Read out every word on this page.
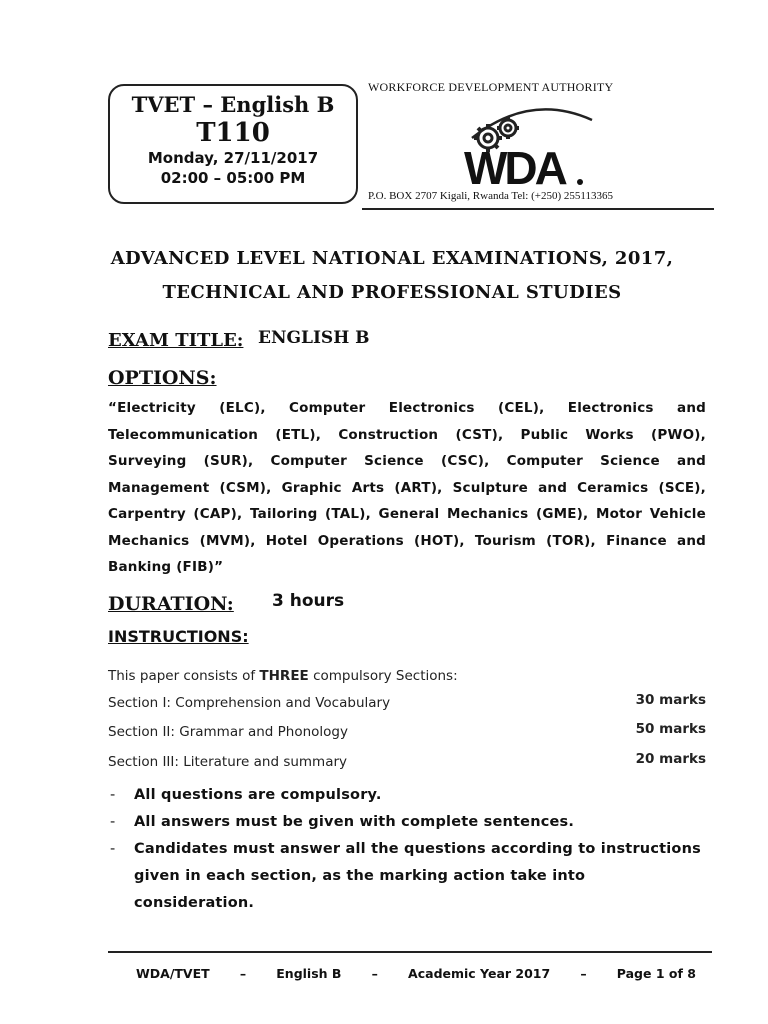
TVET – English B
T110
Monday, 27/11/2017
02:00 – 05:00 PM
WORKFORCE DEVELOPMENT AUTHORITY
WDA
P.O. BOX 2707 Kigali, Rwanda Tel: (+250) 255113365
ADVANCED LEVEL NATIONAL EXAMINATIONS, 2017,
TECHNICAL AND PROFESSIONAL STUDIES
EXAM TITLE: ENGLISH B
OPTIONS:
“Electricity (ELC), Computer Electronics (CEL), Electronics and Telecommunication (ETL), Construction (CST), Public Works (PWO), Surveying (SUR), Computer Science (CSC), Computer Science and Management (CSM), Graphic Arts (ART), Sculpture and Ceramics (SCE), Carpentry (CAP), Tailoring (TAL), General Mechanics (GME), Motor Vehicle Mechanics (MVM), Hotel Operations (HOT), Tourism (TOR), Finance and Banking (FIB)”
DURATION: 3 hours
INSTRUCTIONS:
This paper consists of THREE compulsory Sections:
Section I: Comprehension and Vocabulary	30 marks
Section II: Grammar and Phonology	50 marks
Section III: Literature and summary	20 marks
- All questions are compulsory.
- All answers must be given with complete sentences.
- Candidates must answer all the questions according to instructions given in each section, as the marking action take into consideration.
WDA/TVET – English B – Academic Year 2017 – Page 1 of 8
